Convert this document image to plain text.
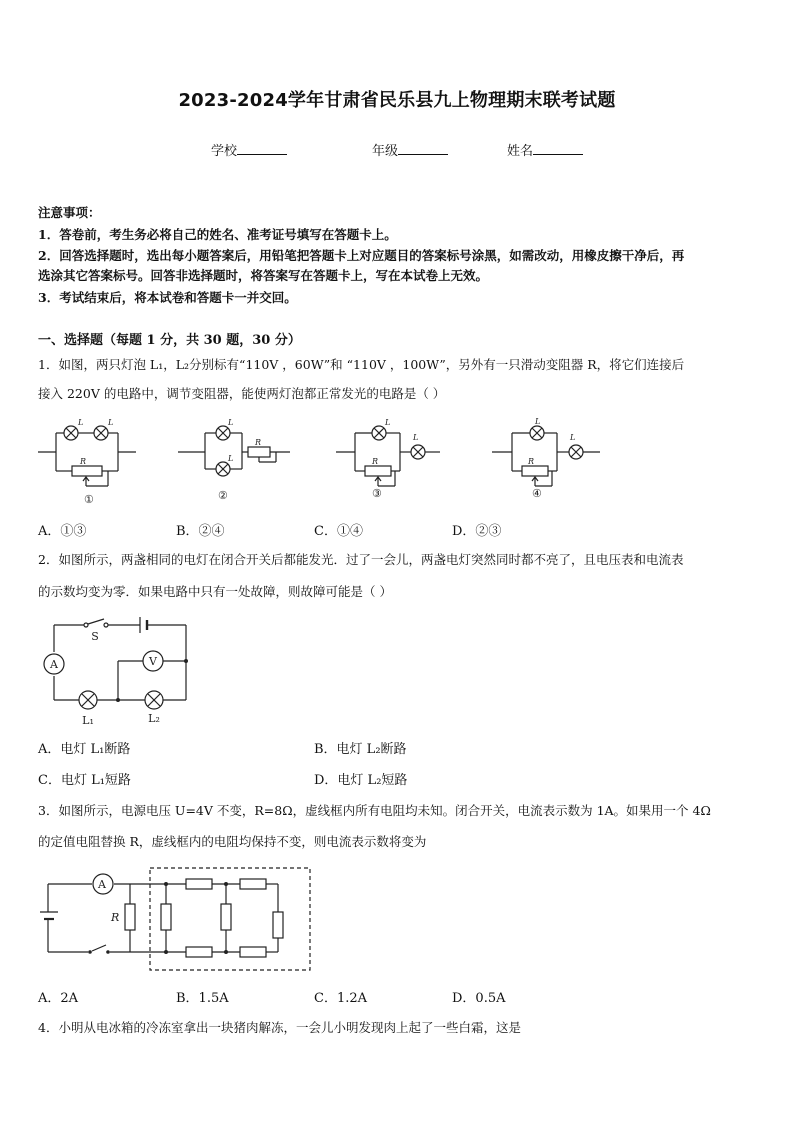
2023-2024学年甘肃省民乐县九上物理期末联考试题
学校	年级	姓名
注意事项：
1．答卷前，考生务必将自己的姓名、准考证号填写在答题卡上。
2．回答选择题时，选出每小题答案后，用铅笔把答题卡上对应题目的答案标号涂黑，如需改动，用橡皮擦干净后，再
选涂其它答案标号。回答非选择题时，将答案写在答题卡上，写在本试卷上无效。
3．考试结束后，将本试卷和答题卡一并交回。
一、选择题（每题 1 分，共 30 题，30 分）
1．如图，两只灯泡 L₁，L₂分别标有“110V ，60W”和 “110V ，100W”，另外有一只滑动变阻器 R，将它们连接后
接入 220V 的电路中，调节变阻器，能使两灯泡都正常发光的电路是（ ）
L	L
R
L
L
R
L
L
R
L
L
R
①	②	③	④
A．①③	B．②④	C．①④	D．②③
2．如图所示，两盏相同的电灯在闭合开关后都能发光．过了一会儿，两盏电灯突然同时都不亮了，且电压表和电流表
的示数均变为零．如果电路中只有一处故障，则故障可能是（ ）
A	V
S
L₁	L₂
A．电灯 L₁断路	B．电灯 L₂断路
C．电灯 L₁短路	D．电灯 L₂短路
3．如图所示，电源电压 U=4V 不变，R=8Ω，虚线框内所有电阻均未知。闭合开关，电流表示数为 1A。如果用一个 4Ω
的定值电阻替换 R，虚线框内的电阻均保持不变，则电流表示数将变为
A
R
A．2A	B．1.5A	C．1.2A	D．0.5A
4．小明从电冰箱的冷冻室拿出一块猪肉解冻，一会儿小明发现肉上起了一些白霜，这是
